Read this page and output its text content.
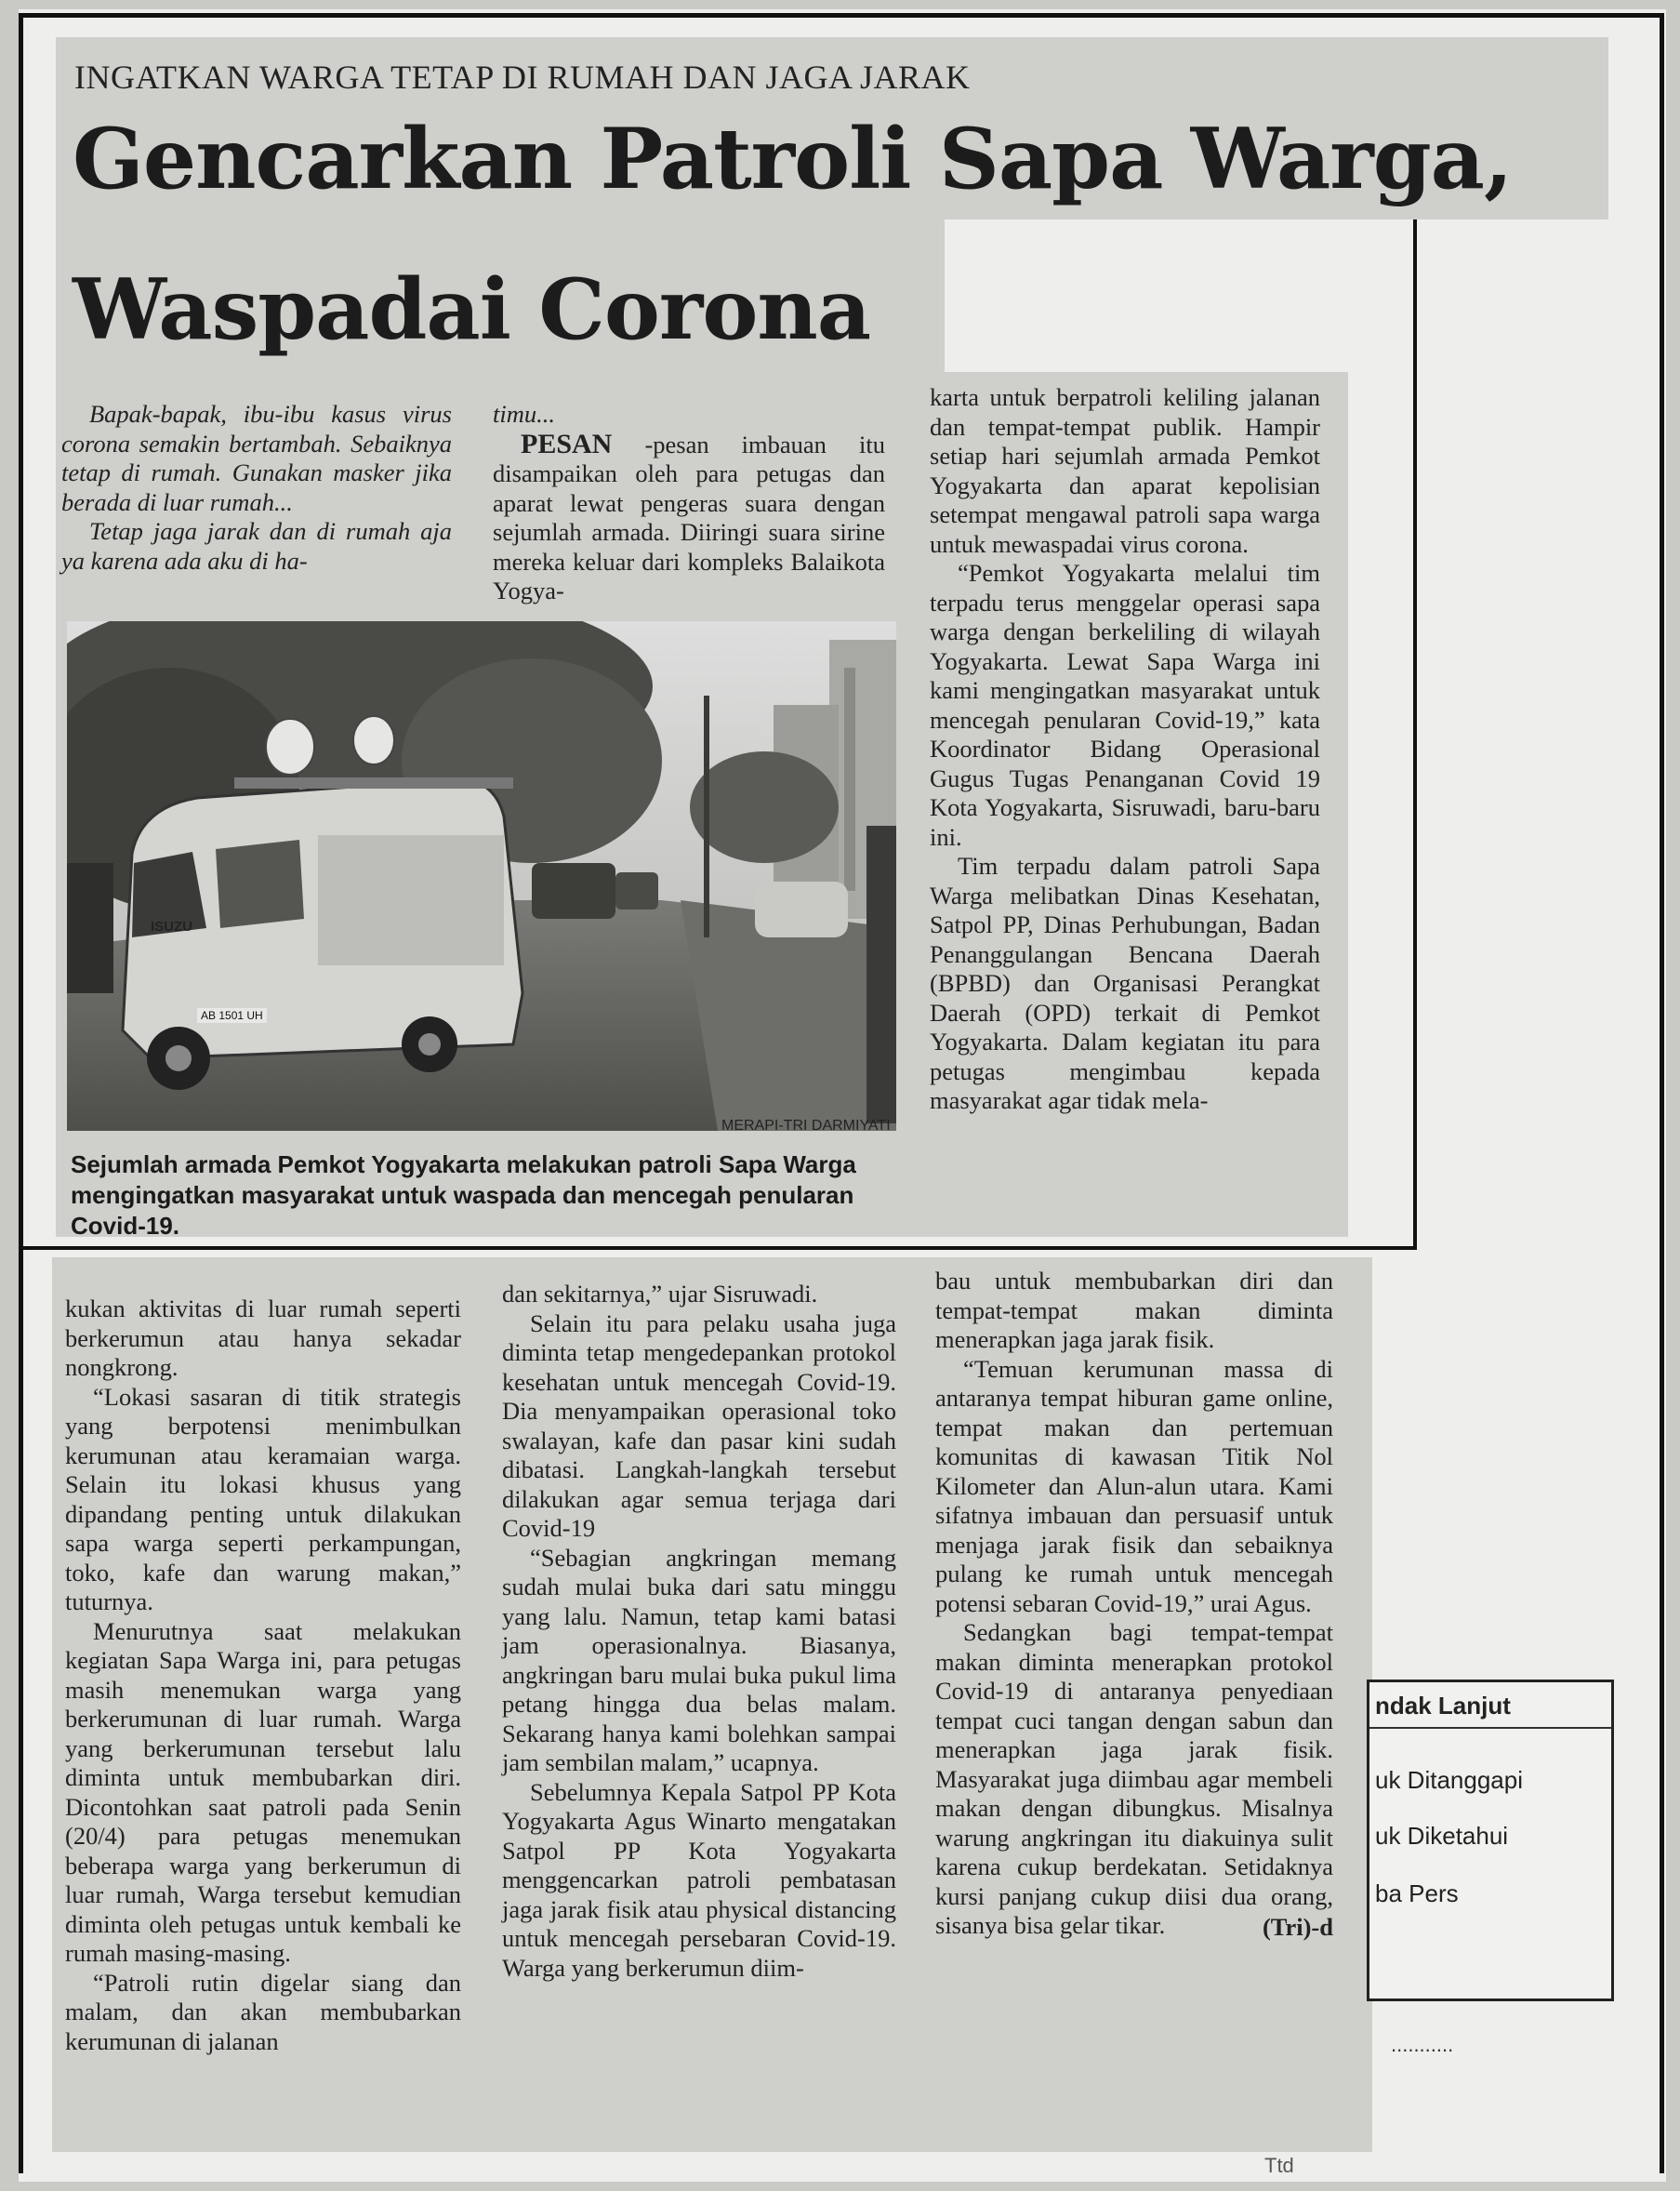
INGATKAN WARGA TETAP DI RUMAH DAN JAGA JARAK
Gencarkan Patroli Sapa Warga,
Waspadai Corona

Bapak-bapak, ibu-ibu kasus virus corona semakin bertambah. Sebaiknya tetap di rumah. Gunakan masker jika berada di luar rumah...

Tetap jaga jarak dan di rumah aja ya karena ada aku di ha-

timu...

PESAN -pesan imbauan itu disampaikan oleh para petugas dan aparat lewat pengeras suara dengan sejumlah armada. Diiringi suara sirine mereka keluar dari kompleks Balaikota Yogya-

karta untuk berpatroli keliling jalanan dan tempat-tempat publik. Hampir setiap hari sejumlah armada Pemkot Yogyakarta dan aparat kepolisian setempat mengawal patroli sapa warga untuk mewaspadai virus corona.

“Pemkot Yogyakarta melalui tim terpadu terus menggelar operasi sapa warga dengan berkeliling di wilayah Yogyakarta. Lewat Sapa Warga ini kami mengingatkan masyarakat untuk mencegah penularan Covid-19,” kata Koordinator Bidang Operasional Gugus Tugas Penanganan Covid 19 Kota Yogyakarta, Sisruwadi, baru-baru ini.

Tim terpadu dalam patroli Sapa Warga melibatkan Dinas Kesehatan, Satpol PP, Dinas Perhubungan, Badan Penanggulangan Bencana Daerah (BPBD) dan Organisasi Perangkat Daerah (OPD) terkait di Pemkot Yogyakarta. Dalam kegiatan itu para petugas mengimbau kepada masyarakat agar tidak mela-

ISUZU
AB 1501 UH
MERAPI-TRI DARMIYATI
Sejumlah armada Pemkot Yogyakarta melakukan patroli Sapa Warga mengingatkan masyarakat untuk waspada dan mencegah penularan Covid-19.

kukan aktivitas di luar rumah seperti berkerumun atau hanya sekadar nongkrong.

“Lokasi sasaran di titik strategis yang berpotensi menimbulkan kerumunan atau keramaian warga. Selain itu lokasi khusus yang dipandang penting untuk dilakukan sapa warga seperti perkampungan, toko, kafe dan warung makan,” tuturnya.

Menurutnya saat melakukan kegiatan Sapa Warga ini, para petugas masih menemukan warga yang berkerumunan di luar rumah. Warga yang berkerumunan tersebut lalu diminta untuk membubarkan diri. Dicontohkan saat patroli pada Senin (20/4) para petugas menemukan beberapa warga yang berkerumun di luar rumah, Warga tersebut kemudian diminta oleh petugas untuk kembali ke rumah masing-masing.

“Patroli rutin digelar siang dan malam, dan akan membubarkan kerumunan di jalanan

dan sekitarnya,” ujar Sisruwadi.

Selain itu para pelaku usaha juga diminta tetap mengedepankan protokol kesehatan untuk mencegah Covid-19. Dia menyampaikan operasional toko swalayan, kafe dan pasar kini sudah dibatasi. Langkah-langkah tersebut dilakukan agar semua terjaga dari Covid-19

“Sebagian angkringan memang sudah mulai buka dari satu minggu yang lalu. Namun, tetap kami batasi jam operasionalnya. Biasanya, angkringan baru mulai buka pukul lima petang hingga dua belas malam. Sekarang hanya kami bolehkan sampai jam sembilan malam,” ucapnya.

Sebelumnya Kepala Satpol PP Kota Yogyakarta Agus Winarto mengatakan Satpol PP Kota Yogyakarta menggencarkan patroli pembatasan jaga jarak fisik atau physical distancing untuk mencegah persebaran Covid-19. Warga yang berkerumun diim-

bau untuk membubarkan diri dan tempat-tempat makan diminta menerapkan jaga jarak fisik.

“Temuan kerumunan massa di antaranya tempat hiburan game online, tempat makan dan pertemuan komunitas di kawasan Titik Nol Kilometer dan Alun-alun utara. Kami sifatnya imbauan dan persuasif untuk menjaga jarak fisik dan sebaiknya pulang ke rumah untuk mencegah potensi sebaran Covid-19,” urai Agus.

Sedangkan bagi tempat-tempat makan diminta menerapkan protokol Covid-19 di antaranya penyediaan tempat cuci tangan dengan sabun dan menerapkan jaga jarak fisik. Masyarakat juga diimbau agar membeli makan dengan dibungkus. Misalnya warung angkringan itu diakuinya sulit karena cukup berdekatan. Setidaknya kursi panjang cukup diisi dua orang, sisanya bisa gelar tikar.	(Tri)-d

ndak Lanjut
uk Ditanggapi
uk Diketahui
ba Pers
...........
Ttd
